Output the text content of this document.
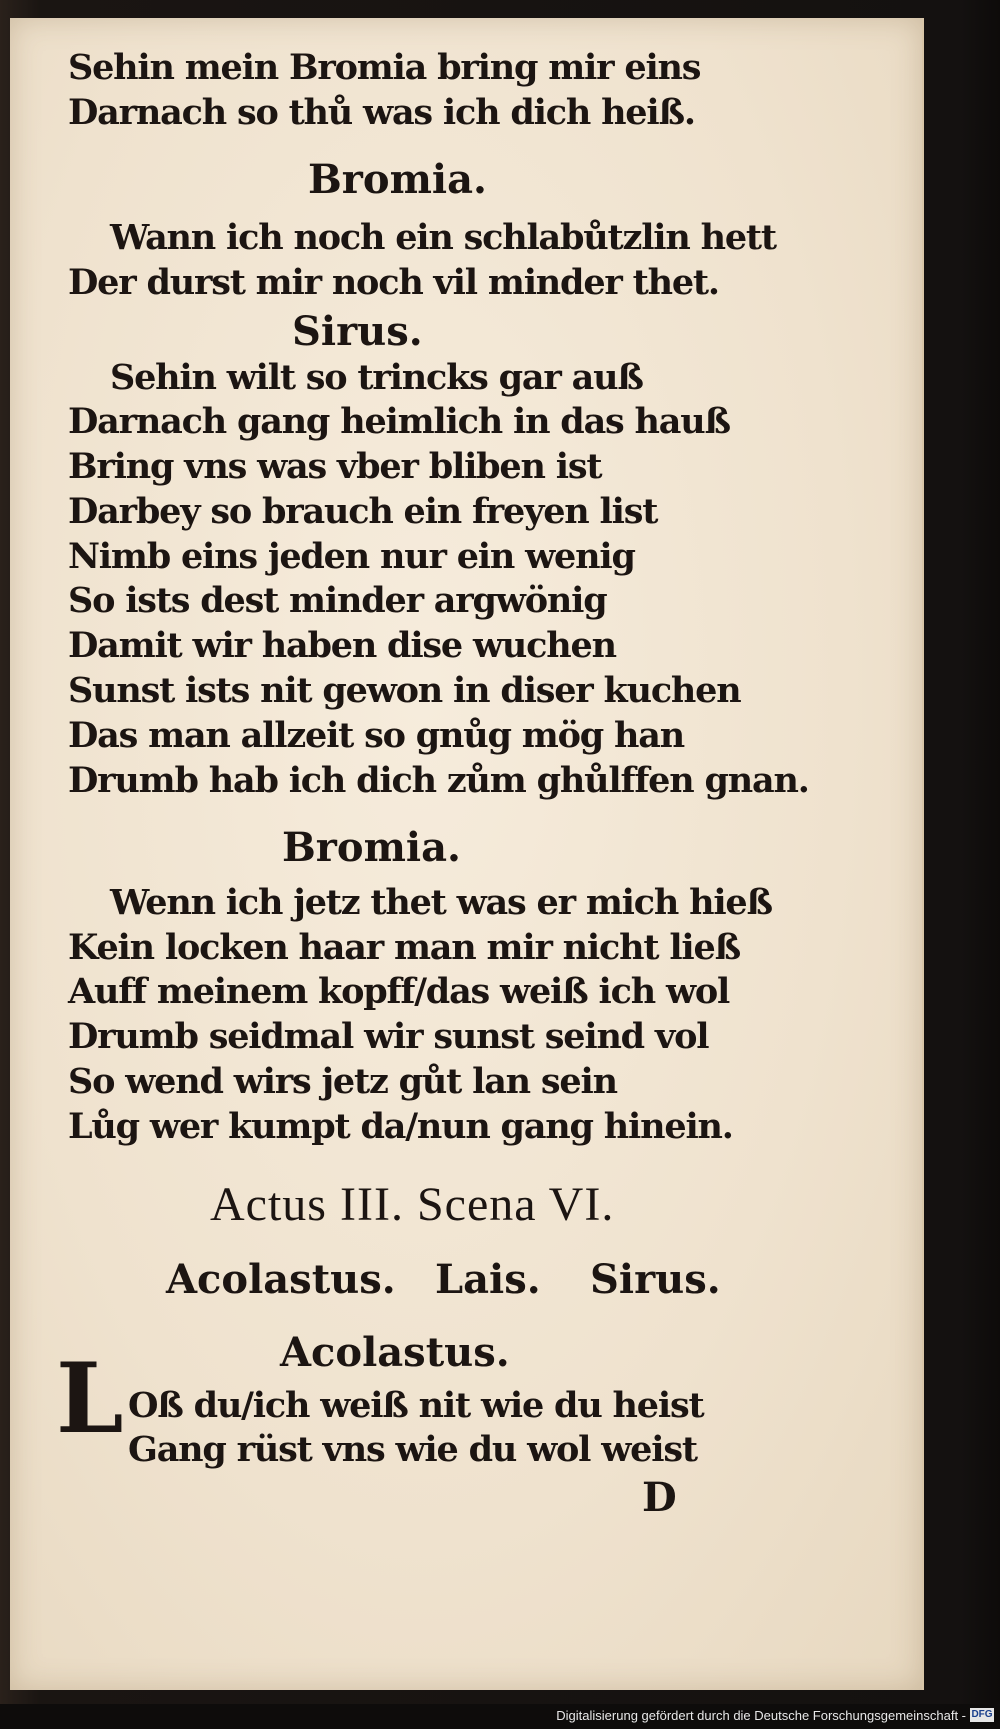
Sehin mein Bromia bring mir eins
Darnach so thů was ich dich heiß.
Bromia.
Wann ich noch ein schlabůtzlin hett
Der durst mir noch vil minder thet.
Sirus.
Sehin wilt so trincks gar auß
Darnach gang heimlich in das hauß
Bring vns was vber bliben ist
Darbey so brauch ein freyen list
Nimb eins jeden nur ein wenig
So ists dest minder argwönig
Damit wir haben dise wuchen
Sunst ists nit gewon in diser kuchen
Das man allzeit so gnůg mög han
Drumb hab ich dich zům ghůlffen gnan.
Bromia.
Wenn ich jetz thet was er mich hieß
Kein locken haar man mir nicht ließ
Auff meinem kopff/das weiß ich wol
Drumb seidmal wir sunst seind vol
So wend wirs jetz gůt lan sein
Lůg wer kumpt da/nun gang hinein.
Actus III. Scena VI.
Acolastus. Lais. Sirus.
Acolastus.
Oß du/ich weiß nit wie du heist
Gang rüst vns wie du wol weist
D
L
Digitalisierung gefördert durch die Deutsche Forschungsgemeinschaft - DFG
